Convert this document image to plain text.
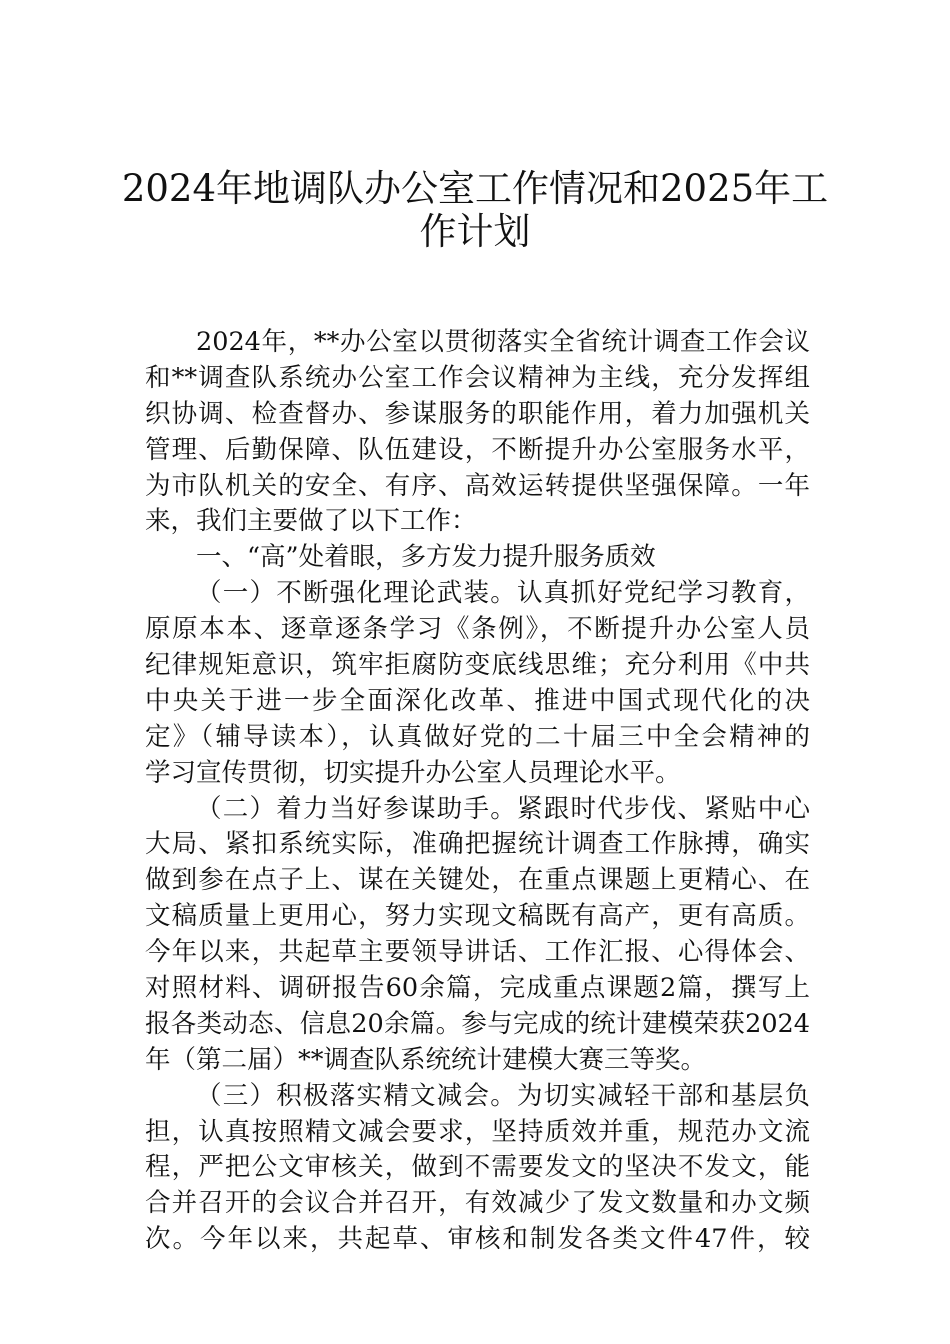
2024年地调队办公室工作情况和2025年工
作计划
2024年，**办公室以贯彻落实全省统计调查工作会议
和**调查队系统办公室工作会议精神为主线，充分发挥组
织协调、检查督办、参谋服务的职能作用，着力加强机关
管理、后勤保障、队伍建设，不断提升办公室服务水平，
为市队机关的安全、有序、高效运转提供坚强保障。一年
来，我们主要做了以下工作：
一、“高”处着眼，多方发力提升服务质效
（一）不断强化理论武装。认真抓好党纪学习教育，
原原本本、逐章逐条学习《条例》，不断提升办公室人员
纪律规矩意识，筑牢拒腐防变底线思维；充分利用《中共
中央关于进一步全面深化改革、推进中国式现代化的决
定》（辅导读本），认真做好党的二十届三中全会精神的
学习宣传贯彻，切实提升办公室人员理论水平。
（二）着力当好参谋助手。紧跟时代步伐、紧贴中心
大局、紧扣系统实际，准确把握统计调查工作脉搏，确实
做到参在点子上、谋在关键处，在重点课题上更精心、在
文稿质量上更用心，努力实现文稿既有高产，更有高质。
今年以来，共起草主要领导讲话、工作汇报、心得体会、
对照材料、调研报告60余篇，完成重点课题2篇，撰写上
报各类动态、信息20余篇。参与完成的统计建模荣获2024
年（第二届）**调查队系统统计建模大赛三等奖。
（三）积极落实精文减会。为切实减轻干部和基层负
担，认真按照精文减会要求，坚持质效并重，规范办文流
程，严把公文审核关，做到不需要发文的坚决不发文，能
合并召开的会议合并召开，有效减少了发文数量和办文频
次。今年以来，共起草、审核和制发各类文件47件，较
